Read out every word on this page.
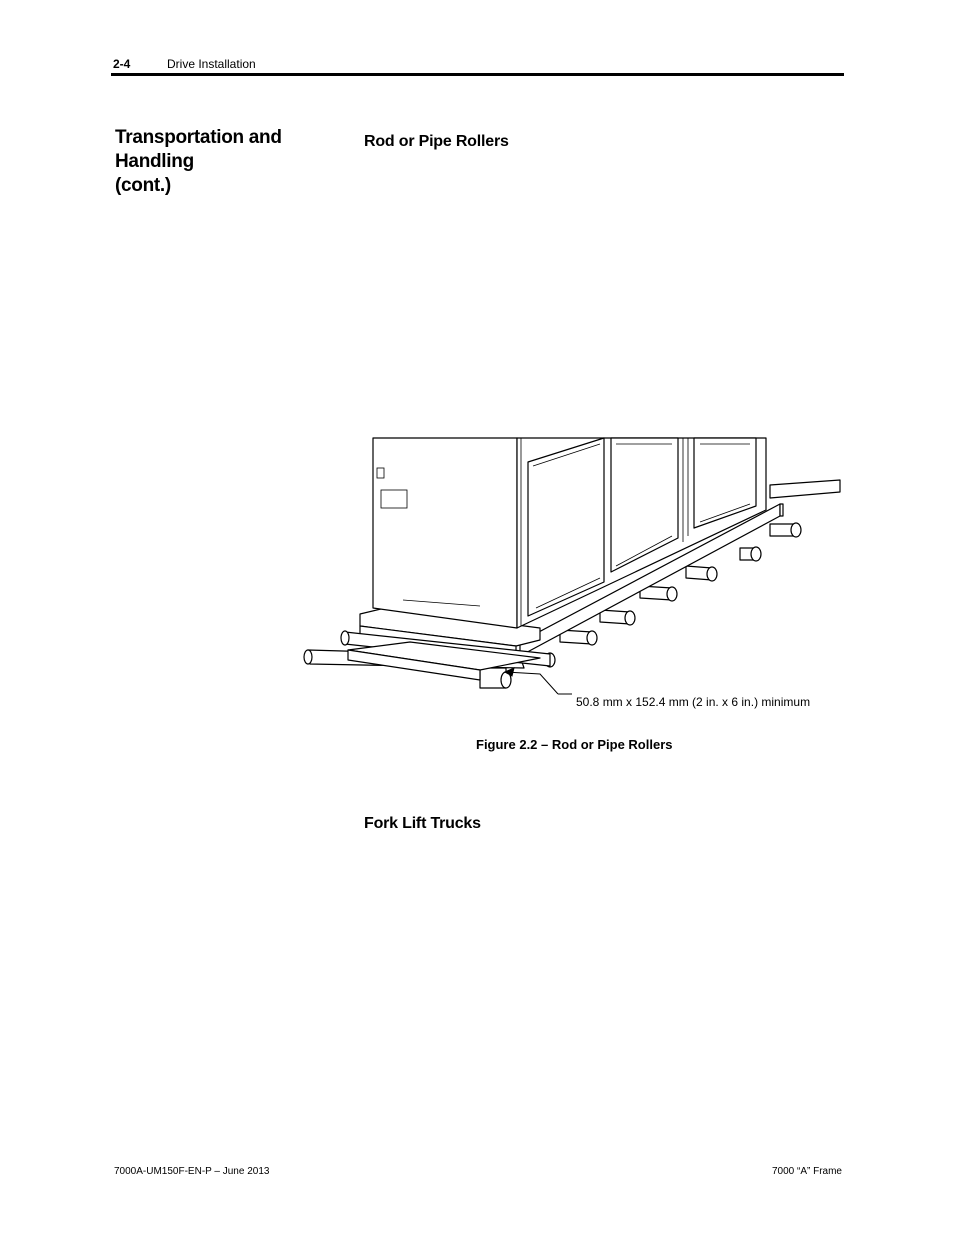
2-4	Drive Installation
Transportation and Handling
(cont.)
Rod or Pipe Rollers
50.8 mm x 152.4 mm (2 in. x 6 in.) minimum
Figure 2.2 – Rod or Pipe Rollers
Fork Lift Trucks
7000A-UM150F-EN-P – June 2013	7000 “A” Frame
